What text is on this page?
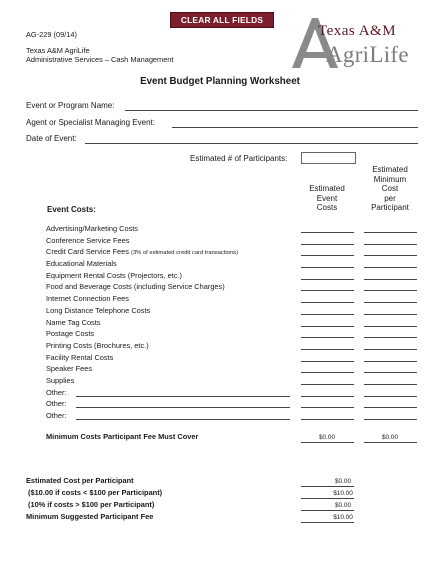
AG-229 (09/14)
Texas A&M AgriLife
Administrative Services – Cash Management
CLEAR ALL FIELDS
Texas A&M
AgriLife
Event Budget Planning Worksheet
Event or Program Name:
Agent or Specialist Managing Event:
Date of Event:
Estimated # of Participants:
Estimated
Event
Costs
Estimated
Minimum
Cost
per
Participant
Event Costs:
Advertising/Marketing Costs
Conference Service Fees
Credit Card Service Fees (3% of estimated credit card transactions)
Educational Materials
Equipment Rental Costs (Projectors, etc.)
Food and Beverage Costs (including Service Charges)
Internet Connection Fees
Long Distance Telephone Costs
Name Tag Costs
Postage Costs
Printing Costs (Brochures, etc.)
Facility Rental Costs
Speaker Fees
Supplies
Other:
Other:
Other:
Minimum Costs Participant Fee Must Cover	$0.00	$0.00
Estimated Cost per Participant	$0.00
($10.00 if costs < $100 per Participant)	$10.00
(10% if costs > $100 per Participant)	$0.00
Minimum Suggested Participant Fee	$10.00
